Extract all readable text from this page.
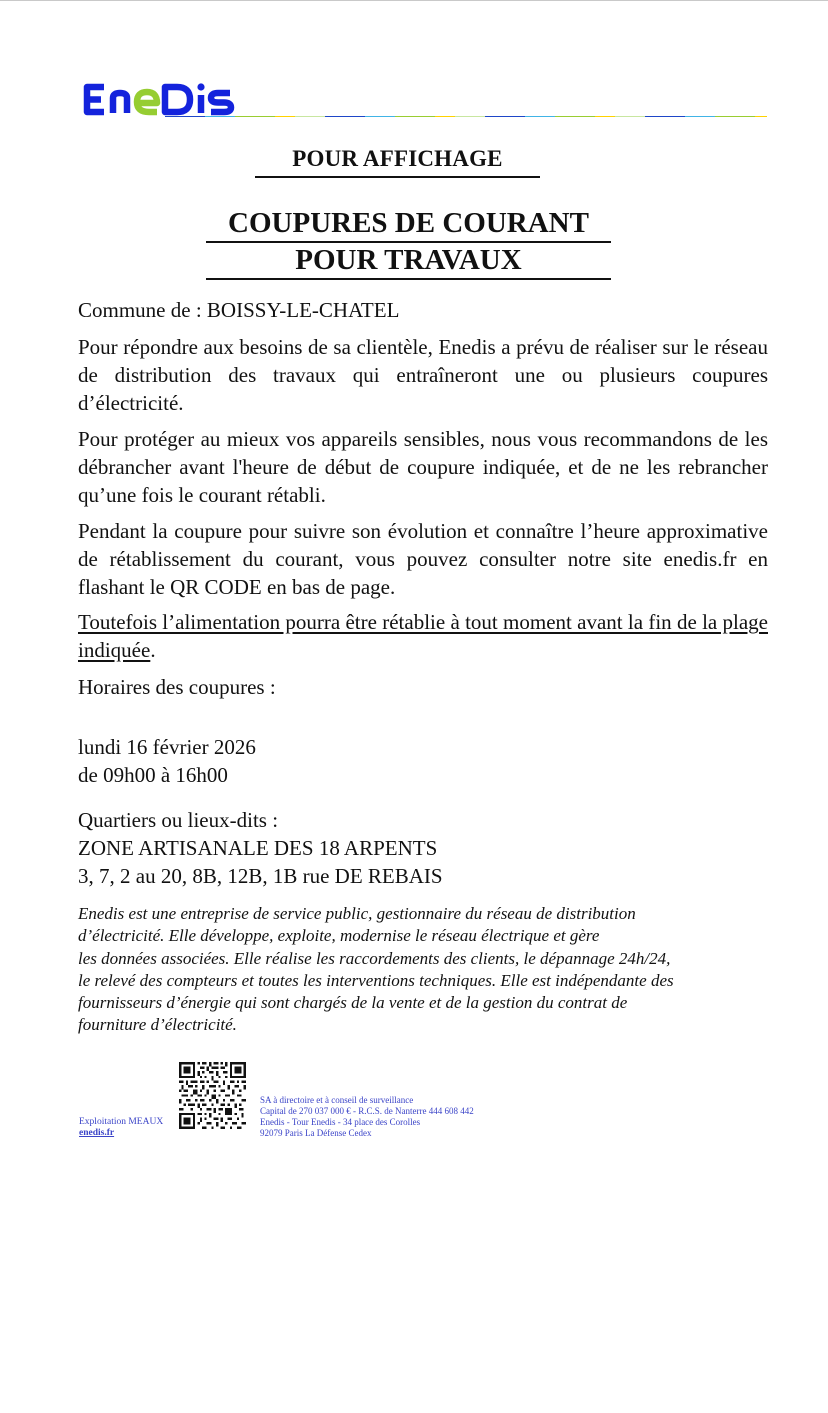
POUR AFFICHAGE
COUPURES DE COURANT
POUR TRAVAUX
Commune de : BOISSY-LE-CHATEL
Pour répondre aux besoins de sa clientèle, Enedis a prévu de réaliser sur le réseau de distribution des travaux qui entraîneront une ou plusieurs coupures d’électricité.
Pour protéger au mieux vos appareils sensibles, nous vous recommandons de les débrancher avant l'heure de début de coupure indiquée, et de ne les rebrancher qu’une fois le courant rétabli.
Pendant la coupure pour suivre son évolution et connaître l’heure approximative de rétablissement du courant, vous pouvez consulter notre site enedis.fr en flashant le QR CODE en bas de page.
Toutefois l’alimentation pourra être rétablie à tout moment avant la fin de la plage indiquée.
Horaires des coupures :
lundi 16 février 2026
de 09h00 à 16h00
Quartiers ou lieux-dits :
ZONE ARTISANALE DES 18 ARPENTS
3, 7, 2 au 20, 8B, 12B, 1B rue DE REBAIS
Enedis est une entreprise de service public, gestionnaire du réseau de distribution
d’électricité. Elle développe, exploite, modernise le réseau électrique et gère
les données associées. Elle réalise les raccordements des clients, le dépannage 24h/24,
le relevé des compteurs et toutes les interventions techniques. Elle est indépendante des
fournisseurs d’énergie qui sont chargés de la vente et de la gestion du contrat de
fourniture d’électricité.
Exploitation MEAUX
enedis.fr
SA à directoire et à conseil de surveillance
Capital de 270 037 000 € - R.C.S. de Nanterre 444 608 442
Enedis - Tour Enedis - 34 place des Corolles
92079 Paris La Défense Cedex
